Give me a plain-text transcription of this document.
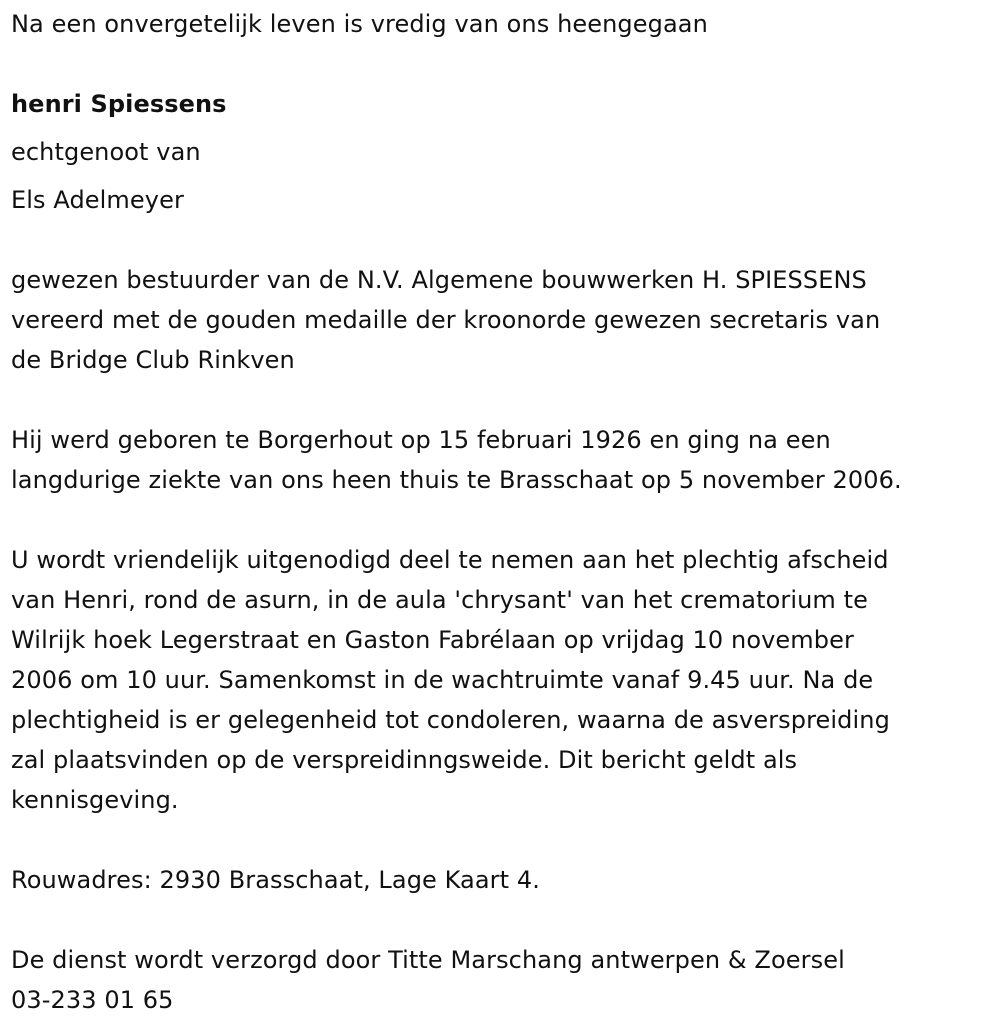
Na een onvergetelijk leven is vredig van ons heengegaan
henri Spiessens
echtgenoot van
Els Adelmeyer
gewezen bestuurder van de N.V. Algemene bouwwerken H. SPIESSENS
vereerd met de gouden medaille der kroonorde gewezen secretaris van
de Bridge Club Rinkven
Hij werd geboren te Borgerhout op 15 februari 1926 en ging na een
langdurige ziekte van ons heen thuis te Brasschaat op 5 november 2006.
U wordt vriendelijk uitgenodigd deel te nemen aan het plechtig afscheid
van Henri, rond de asurn, in de aula 'chrysant' van het crematorium te
Wilrijk hoek Legerstraat en Gaston Fabrélaan op vrijdag 10 november
2006 om 10 uur. Samenkomst in de wachtruimte vanaf 9.45 uur. Na de
plechtigheid is er gelegenheid tot condoleren, waarna de asverspreiding
zal plaatsvinden op de verspreidinngsweide. Dit bericht geldt als
kennisgeving.
Rouwadres: 2930 Brasschaat, Lage Kaart 4.
De dienst wordt verzorgd door Titte Marschang antwerpen & Zoersel
03-233 01 65
